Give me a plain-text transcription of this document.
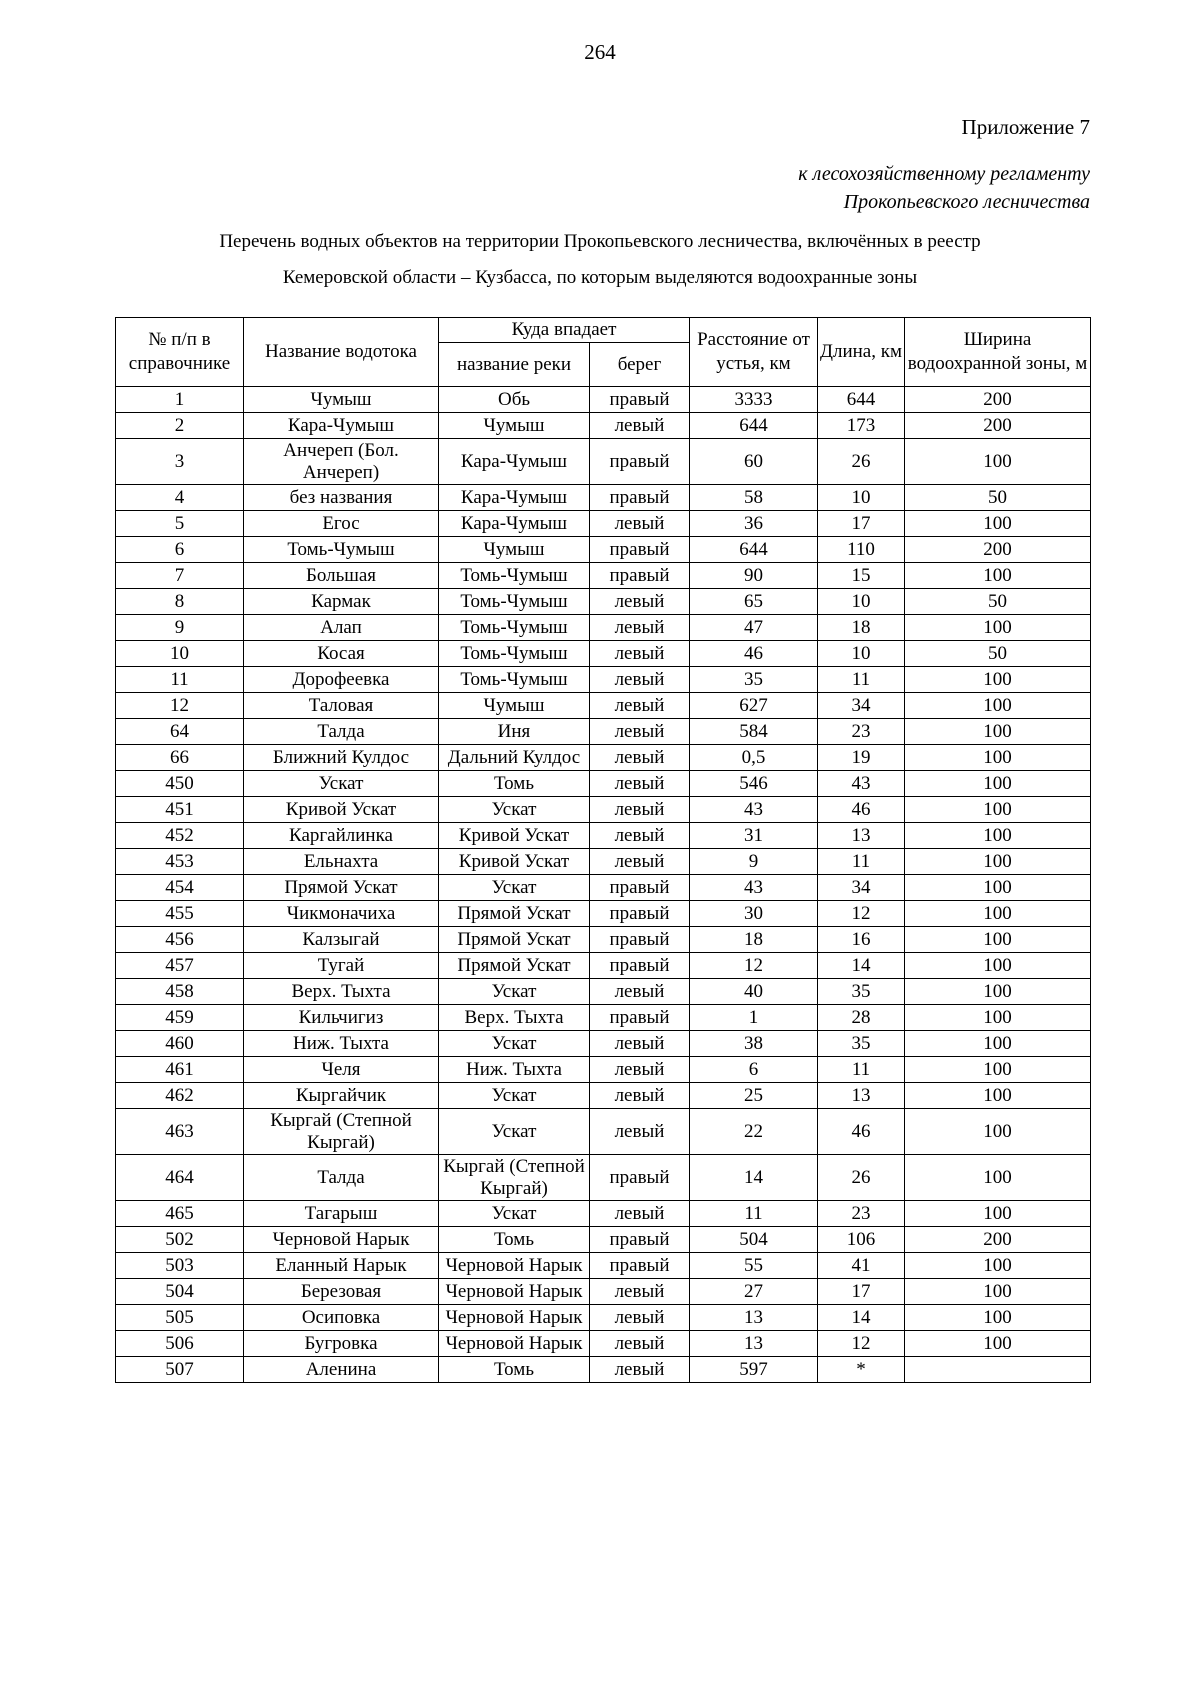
264
Приложение 7
к лесохозяйственному регламенту
Прокопьевского лесничества
Перечень водных объектов на территории Прокопьевского лесничества, включённых в реестр
Кемеровской области – Кузбасса, по которым выделяются водоохранные зоны
№ п/п в справочнике	Название водотока	Куда впадает		Расстояние от устья, км	Длина, км	Ширина водоохранной зоны, м
		название реки	берег			
1	Чумыш	Обь	правый	3333	644	200
2	Кара-Чумыш	Чумыш	левый	644	173	200
3	Анчереп (Бол. Анчереп)	Кара-Чумыш	правый	60	26	100
4	без названия	Кара-Чумыш	правый	58	10	50
5	Егос	Кара-Чумыш	левый	36	17	100
6	Томь-Чумыш	Чумыш	правый	644	110	200
7	Большая	Томь-Чумыш	правый	90	15	100
8	Кармак	Томь-Чумыш	левый	65	10	50
9	Алап	Томь-Чумыш	левый	47	18	100
10	Косая	Томь-Чумыш	левый	46	10	50
11	Дорофеевка	Томь-Чумыш	левый	35	11	100
12	Таловая	Чумыш	левый	627	34	100
64	Талда	Иня	левый	584	23	100
66	Ближний Кулдос	Дальний Кулдос	левый	0,5	19	100
450	Ускат	Томь	левый	546	43	100
451	Кривой Ускат	Ускат	левый	43	46	100
452	Каргайлинка	Кривой Ускат	левый	31	13	100
453	Ельнахта	Кривой Ускат	левый	9	11	100
454	Прямой Ускат	Ускат	правый	43	34	100
455	Чикмоначиха	Прямой Ускат	правый	30	12	100
456	Калзыгай	Прямой Ускат	правый	18	16	100
457	Тугай	Прямой Ускат	правый	12	14	100
458	Верх. Тыхта	Ускат	левый	40	35	100
459	Кильчигиз	Верх. Тыхта	правый	1	28	100
460	Ниж. Тыхта	Ускат	левый	38	35	100
461	Челя	Ниж. Тыхта	левый	6	11	100
462	Кыргайчик	Ускат	левый	25	13	100
463	Кыргай (Степной Кыргай)	Ускат	левый	22	46	100
464	Талда	Кыргай (Степной Кыргай)	правый	14	26	100
465	Тагарыш	Ускат	левый	11	23	100
502	Черновой Нарык	Томь	правый	504	106	200
503	Еланный Нарык	Черновой Нарык	правый	55	41	100
504	Березовая	Черновой Нарык	левый	27	17	100
505	Осиповка	Черновой Нарык	левый	13	14	100
506	Бугровка	Черновой Нарык	левый	13	12	100
507	Аленина	Томь	левый	597	*	
